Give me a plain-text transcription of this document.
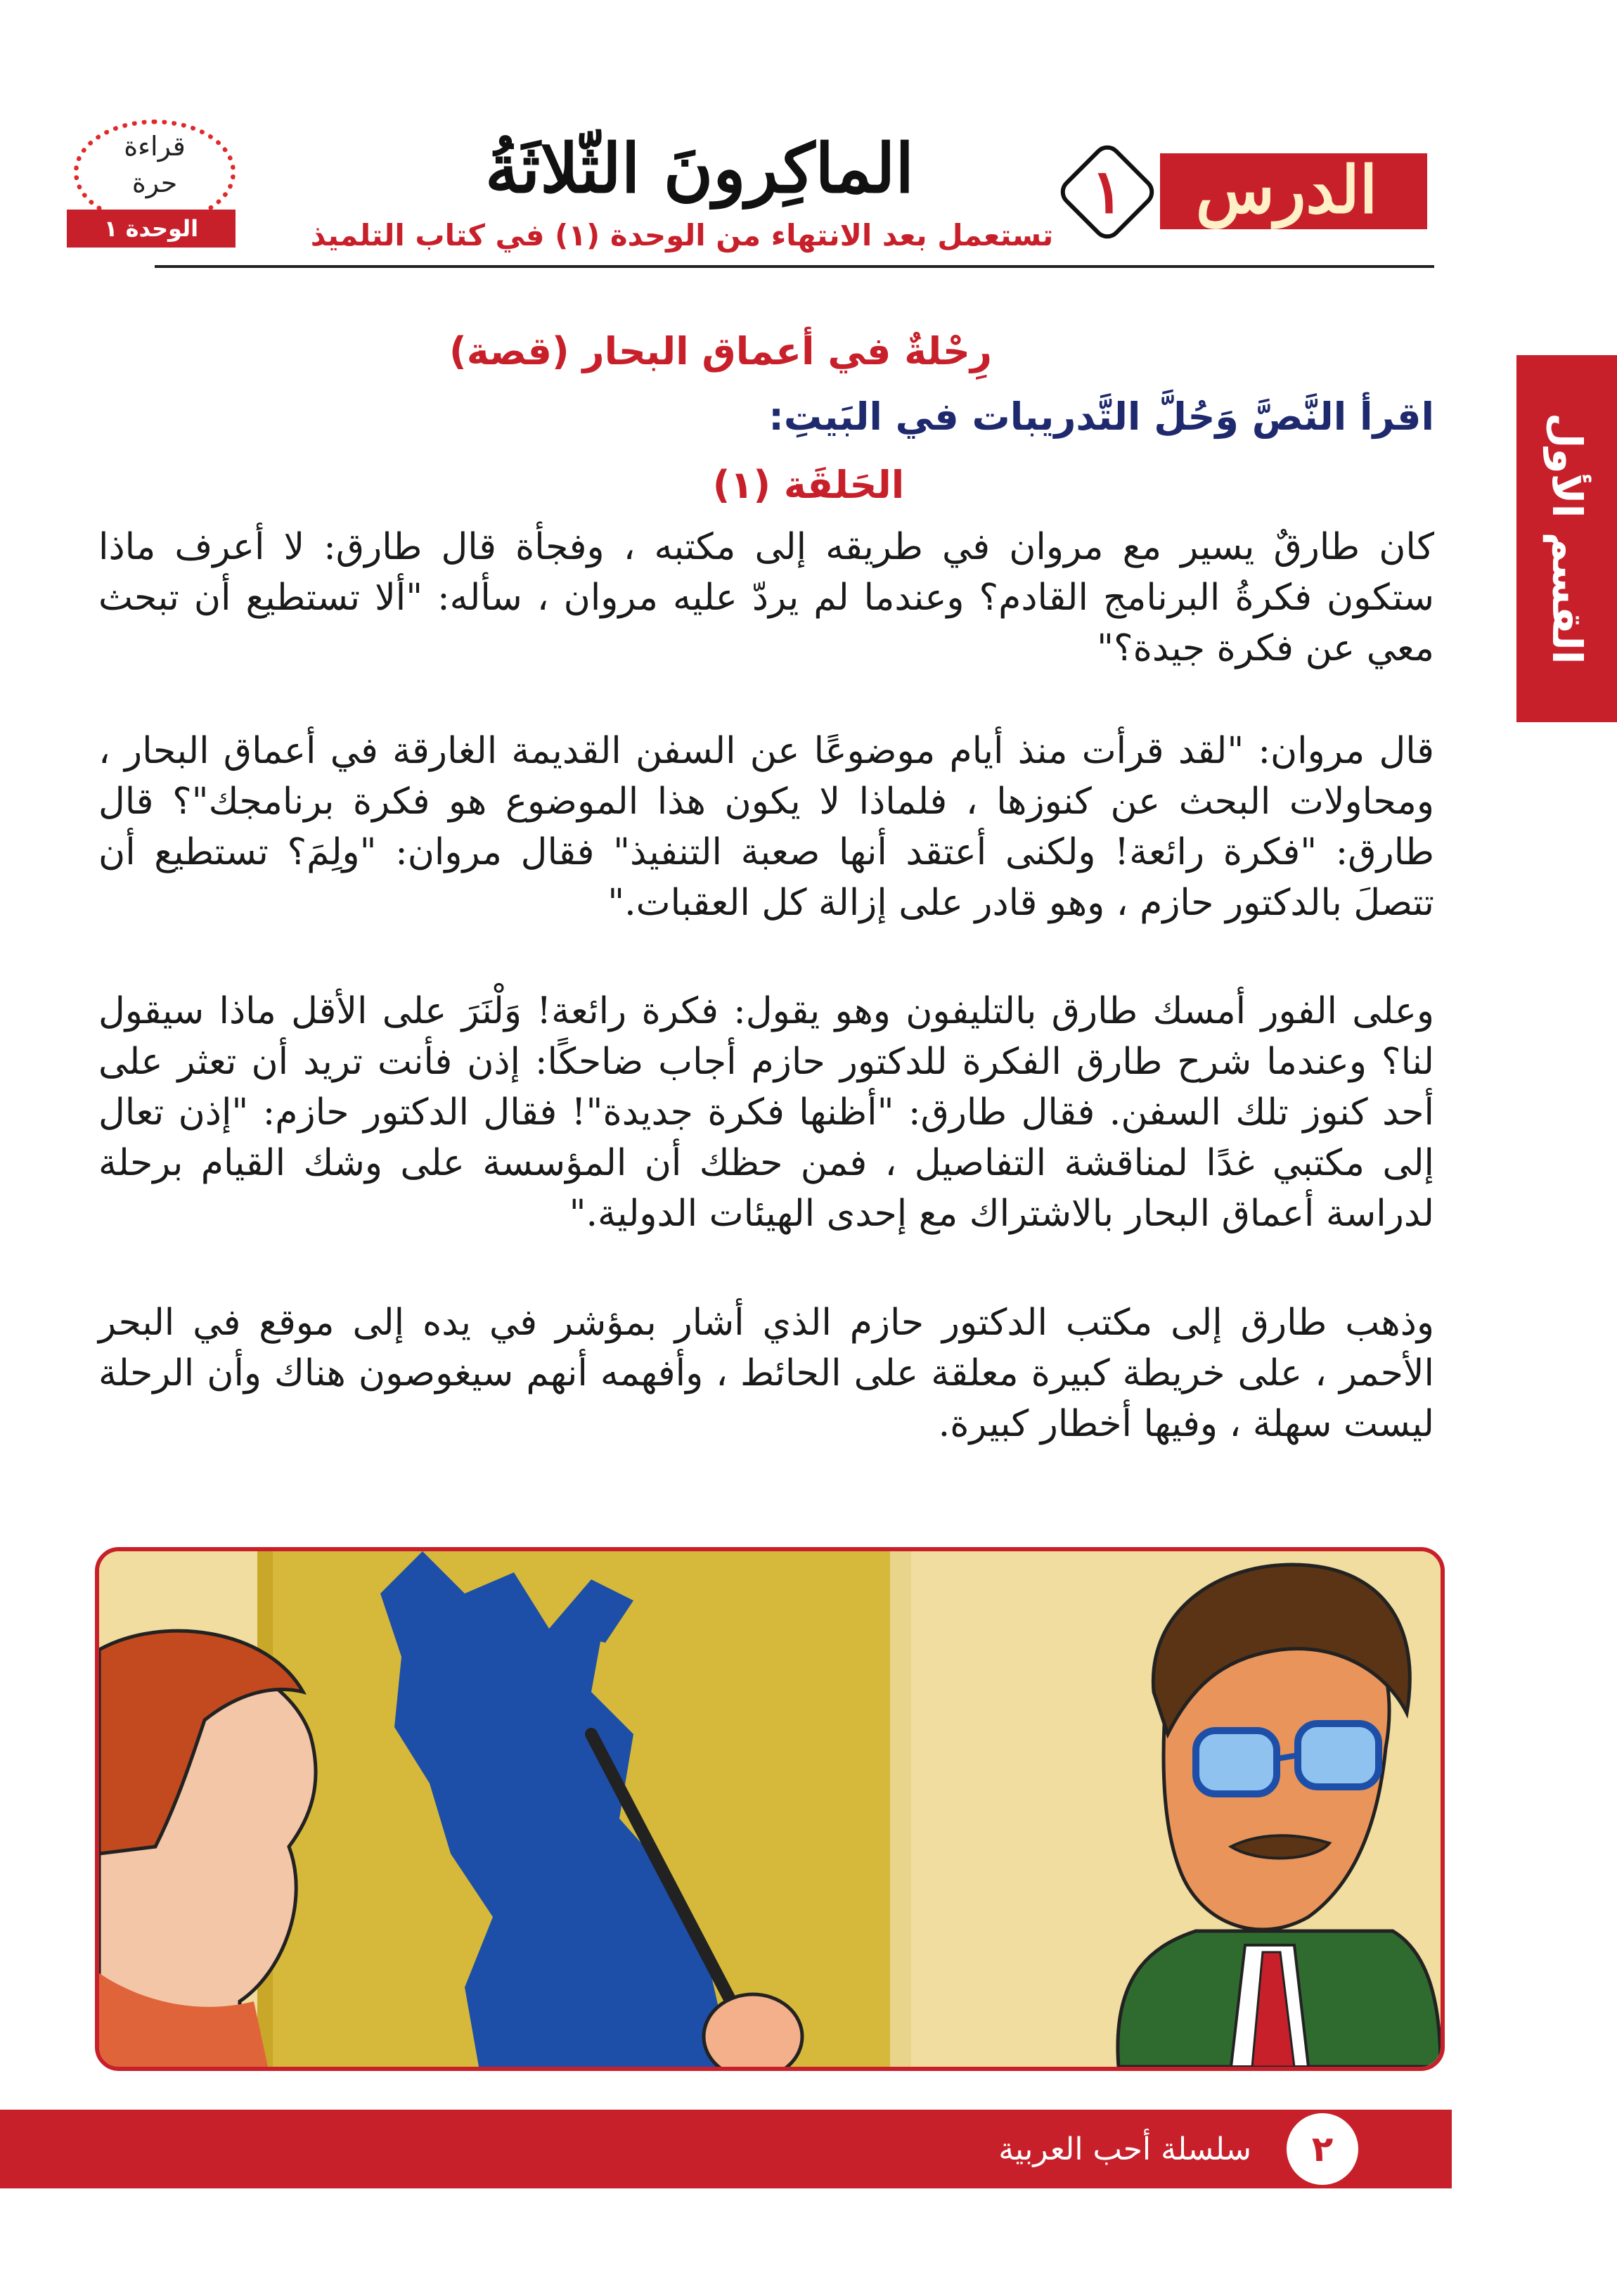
الدرس
١
الماكِرونَ الثّلاثَةُ
تستعمل بعد الانتهاء من الوحدة (١) في كتاب التلميذ
قراءة
حرة
الوحدة ١
القسم الأول
رِحْلةٌ في أعماق البحار (قصة)
اقرأ النَّصَّ وَحُلَّ التَّدريبات في البَيتِ:
الحَلقَة (١)
كان طارقٌ يسير مع مروان في طريقه إلى مكتبه ، وفجأة قال طارق: لا أعرف ماذا ستكون فكرةُ البرنامج القادم؟ وعندما لم يردّ عليه مروان ، سأله: "ألا تستطيع أن تبحث معي عن فكرة جيدة؟"
قال مروان: "لقد قرأت منذ أيام موضوعًا عن السفن القديمة الغارقة في أعماق البحار ، ومحاولات البحث عن كنوزها ، فلماذا لا يكون هذا الموضوع هو فكرة برنامجك"؟ قال طارق: "فكرة رائعة! ولكنى أعتقد أنها صعبة التنفيذ" فقال مروان: "ولِمَ؟ تستطيع أن تتصلَ بالدكتور حازم ، وهو قادر على إزالة كل العقبات."
وعلى الفور أمسك طارق بالتليفون وهو يقول: فكرة رائعة! وَلْنَرَ على الأقل ماذا سيقول لنا؟ وعندما شرح طارق الفكرة للدكتور حازم أجاب ضاحكًا: إذن فأنت تريد أن تعثر على أحد كنوز تلك السفن. فقال طارق: "أظنها فكرة جديدة"! فقال الدكتور حازم: "إذن تعال إلى مكتبي غدًا لمناقشة التفاصيل ، فمن حظك أن المؤسسة على وشك القيام برحلة لدراسة أعماق البحار بالاشتراك مع إحدى الهيئات الدولية."
وذهب طارق إلى مكتب الدكتور حازم الذي أشار بمؤشر في يده إلى موقع في البحر الأحمر ، على خريطة كبيرة معلقة على الحائط ، وأفهمه أنهم سيغوصون هناك وأن الرحلة ليست سهلة ، وفيها أخطار كبيرة.
سلسلة أحب العربية	٢
